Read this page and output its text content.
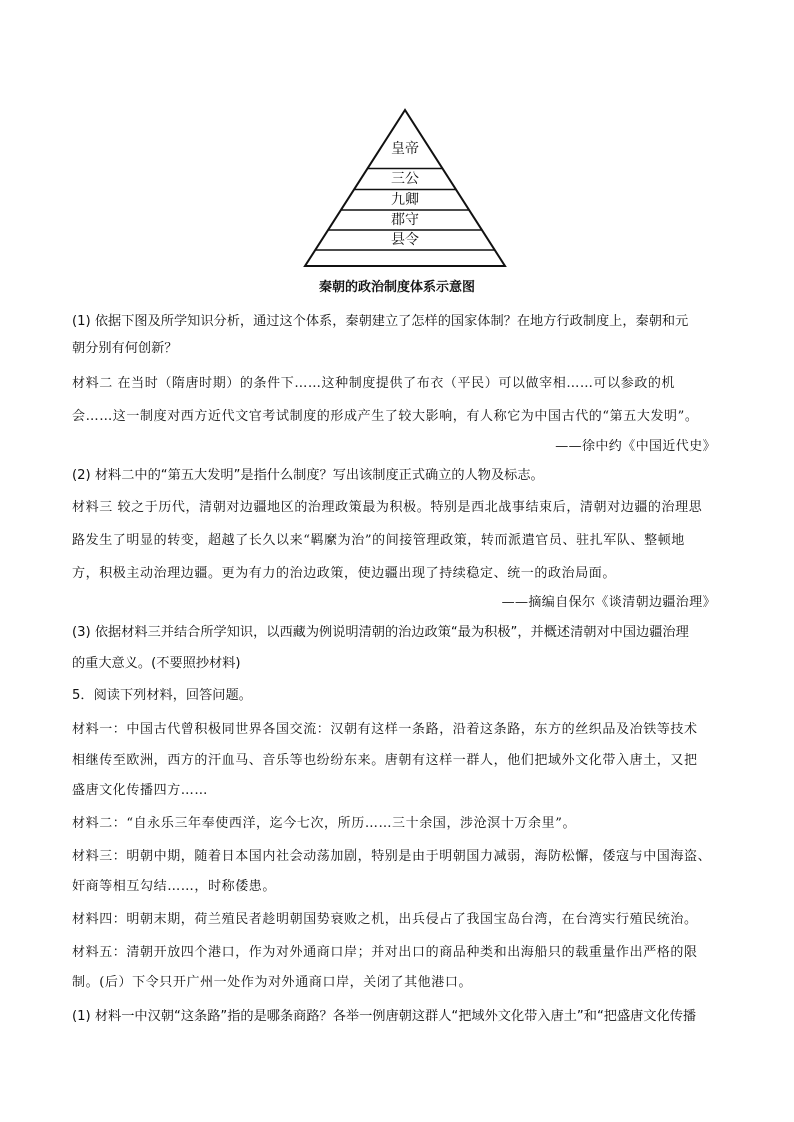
皇帝
三公
九卿
郡守
县令
秦朝的政治制度体系示意图
(1) 依据下图及所学知识分析，通过这个体系，秦朝建立了怎样的国家体制？在地方行政制度上，秦朝和元
朝分别有何创新？
材料二 在当时（隋唐时期）的条件下……这种制度提供了布衣（平民）可以做宰相……可以参政的机
会……这一制度对西方近代文官考试制度的形成产生了较大影响，有人称它为中国古代的“第五大发明”。
——徐中约《中国近代史》
(2) 材料二中的“第五大发明”是指什么制度？写出该制度正式确立的人物及标志。
材料三 较之于历代，清朝对边疆地区的治理政策最为积极。特别是西北战事结束后，清朝对边疆的治理思
路发生了明显的转变，超越了长久以来“羁縻为治”的间接管理政策，转而派遣官员、驻扎军队、整顿地
方，积极主动治理边疆。更为有力的治边政策，使边疆出现了持续稳定、统一的政治局面。
——摘编自保尔《谈清朝边疆治理》
(3) 依据材料三并结合所学知识，以西藏为例说明清朝的治边政策“最为积极”，并概述清朝对中国边疆治理
的重大意义。(不要照抄材料)
5．阅读下列材料，回答问题。
材料一：中国古代曾积极同世界各国交流：汉朝有这样一条路，沿着这条路，东方的丝织品及冶铁等技术
相继传至欧洲，西方的汗血马、音乐等也纷纷东来。唐朝有这样一群人，他们把域外文化带入唐土，又把
盛唐文化传播四方……
材料二：“自永乐三年奉使西洋，迄今七次，所历……三十余国，涉沧溟十万余里”。
材料三：明朝中期，随着日本国内社会动荡加剧，特别是由于明朝国力减弱，海防松懈，倭寇与中国海盗、
奸商等相互勾结……，时称倭患。
材料四：明朝末期，荷兰殖民者趁明朝国势衰败之机，出兵侵占了我国宝岛台湾，在台湾实行殖民统治。
材料五：清朝开放四个港口，作为对外通商口岸；并对出口的商品种类和出海船只的载重量作出严格的限
制。(后）下令只开广州一处作为对外通商口岸，关闭了其他港口。
(1) 材料一中汉朝“这条路”指的是哪条商路？各举一例唐朝这群人“把域外文化带入唐土”和“把盛唐文化传播
